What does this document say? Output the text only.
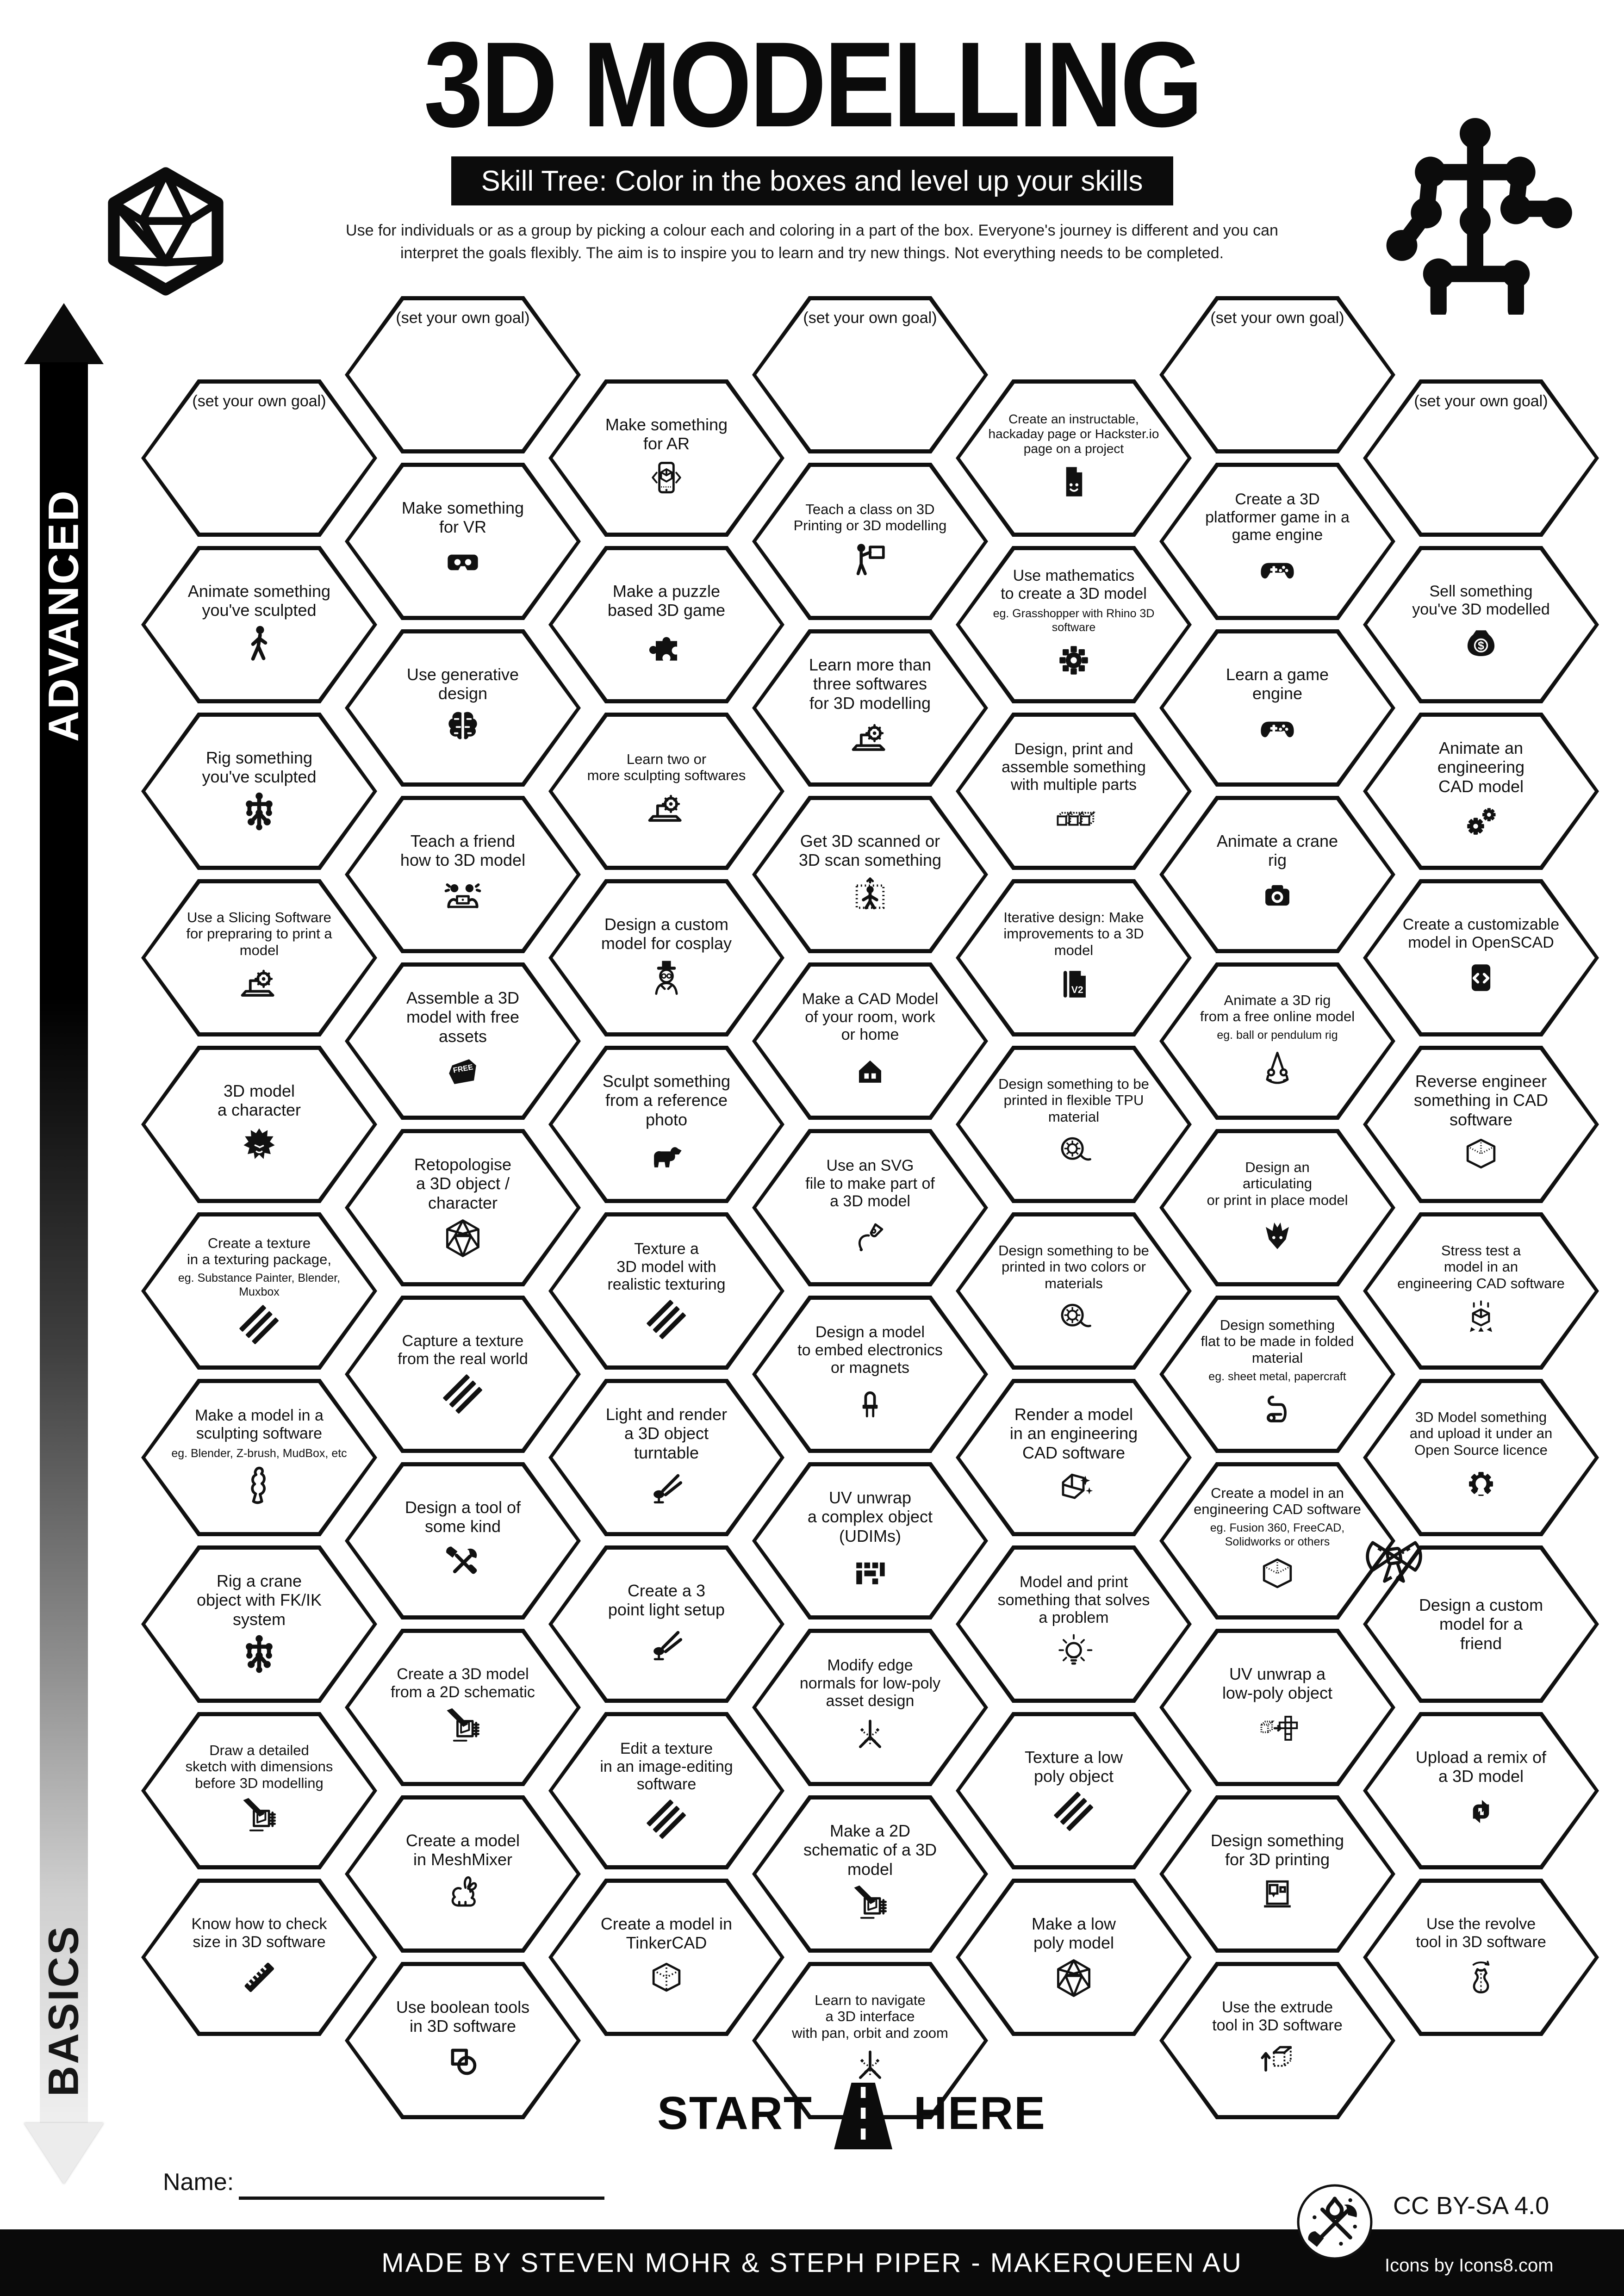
3D MODELLING
Skill Tree: Color in the boxes and level up your skills
Use for individuals or as a group by picking a colour each and coloring in a part of the box. Everyone's journey is different and you can
interpret the goals flexibly. The aim is to inspire you to learn and try new things. Not everything needs to be completed.
ADVANCED
BASICS
(set your own goal)
Animate something
you've sculpted
Rig something
you've sculpted
Use a Slicing Software
for prepraring to print a
model
3D model
a character
Create a texture
in a texturing package,
eg. Substance Painter, Blender,
Muxbox
Make a model in a
sculpting software
eg. Blender, Z-brush, MudBox, etc
Rig a crane
object with FK/IK
system
Draw a detailed
sketch with dimensions
before 3D modelling
Know how to check
size in 3D software
(set your own goal)
Make something
for VR
Use generative
design
Teach a friend
how to 3D model
Assemble a 3D
model with free
assets
FREE
Retopologise
a 3D object /
character
Capture a texture
from the real world
Design a tool of
some kind
Create a 3D model
from a 2D schematic
Create a model
in MeshMixer
Use boolean tools
in 3D software
Make something
for AR
Make a puzzle
based 3D game
Learn two or
more sculpting softwares
Design a custom
model for cosplay
Sculpt something
from a reference
photo
Texture a
3D model with
realistic texturing
Light and render
a 3D object
turntable
Create a 3
point light setup
Edit a texture
in an image-editing
software
Create a model in
TinkerCAD
(set your own goal)
Teach a class on 3D
Printing or 3D modelling
Learn more than
three softwares
for 3D modelling
Get 3D scanned or
3D scan something
Make a CAD Model
of your room, work
or home
Use an SVG
file to make part of
a 3D model
Design a model
to embed electronics
or magnets
UV unwrap
a complex object
(UDIMs)
Modify edge
normals for low-poly
asset design
Make a 2D
schematic of a 3D
model
Learn to navigate
a 3D interface
with pan, orbit and zoom
Create an instructable,
hackaday page or Hackster.io
page on a project
Use mathematics
to create a 3D model
eg. Grasshopper with Rhino 3D
software
Design, print and
assemble something
with multiple parts
Iterative design: Make
improvements to a 3D
model
V2
Design something to be
printed in flexible TPU
material
Design something to be
printed in two colors or
materials
Render a model
in an engineering
CAD software
Model and print
something that solves
a problem
Texture a low
poly object
Make a low
poly model
(set your own goal)
Create a 3D
platformer game in a
game engine
Learn a game
engine
Animate a crane
rig
Animate a 3D rig
from a free online model
eg. ball or pendulum rig
Design an
articulating
or print in place model
Design something
flat to be made in folded
material
eg. sheet metal, papercraft
Create a model in an
engineering CAD software
eg. Fusion 360, FreeCAD,
Solidworks or others
UV unwrap a
low-poly object
Design something
for 3D printing
Use the extrude
tool in 3D software
(set your own goal)
Sell something
you've 3D modelled
$
Animate an
engineering
CAD model
Create a customizable
model in OpenSCAD
Reverse engineer
something in CAD
software
Stress test a
model in an
engineering CAD software
3D Model something
and upload it under an
Open Source licence
Design a custom
model for a
friend
Upload a remix of
a 3D model
Use the revolve
tool in 3D software
START HERE
Name:
MADE BY STEVEN MOHR & STEPH PIPER - MAKERQUEEN AU
CC BY-SA 4.0
Icons by Icons8.com
